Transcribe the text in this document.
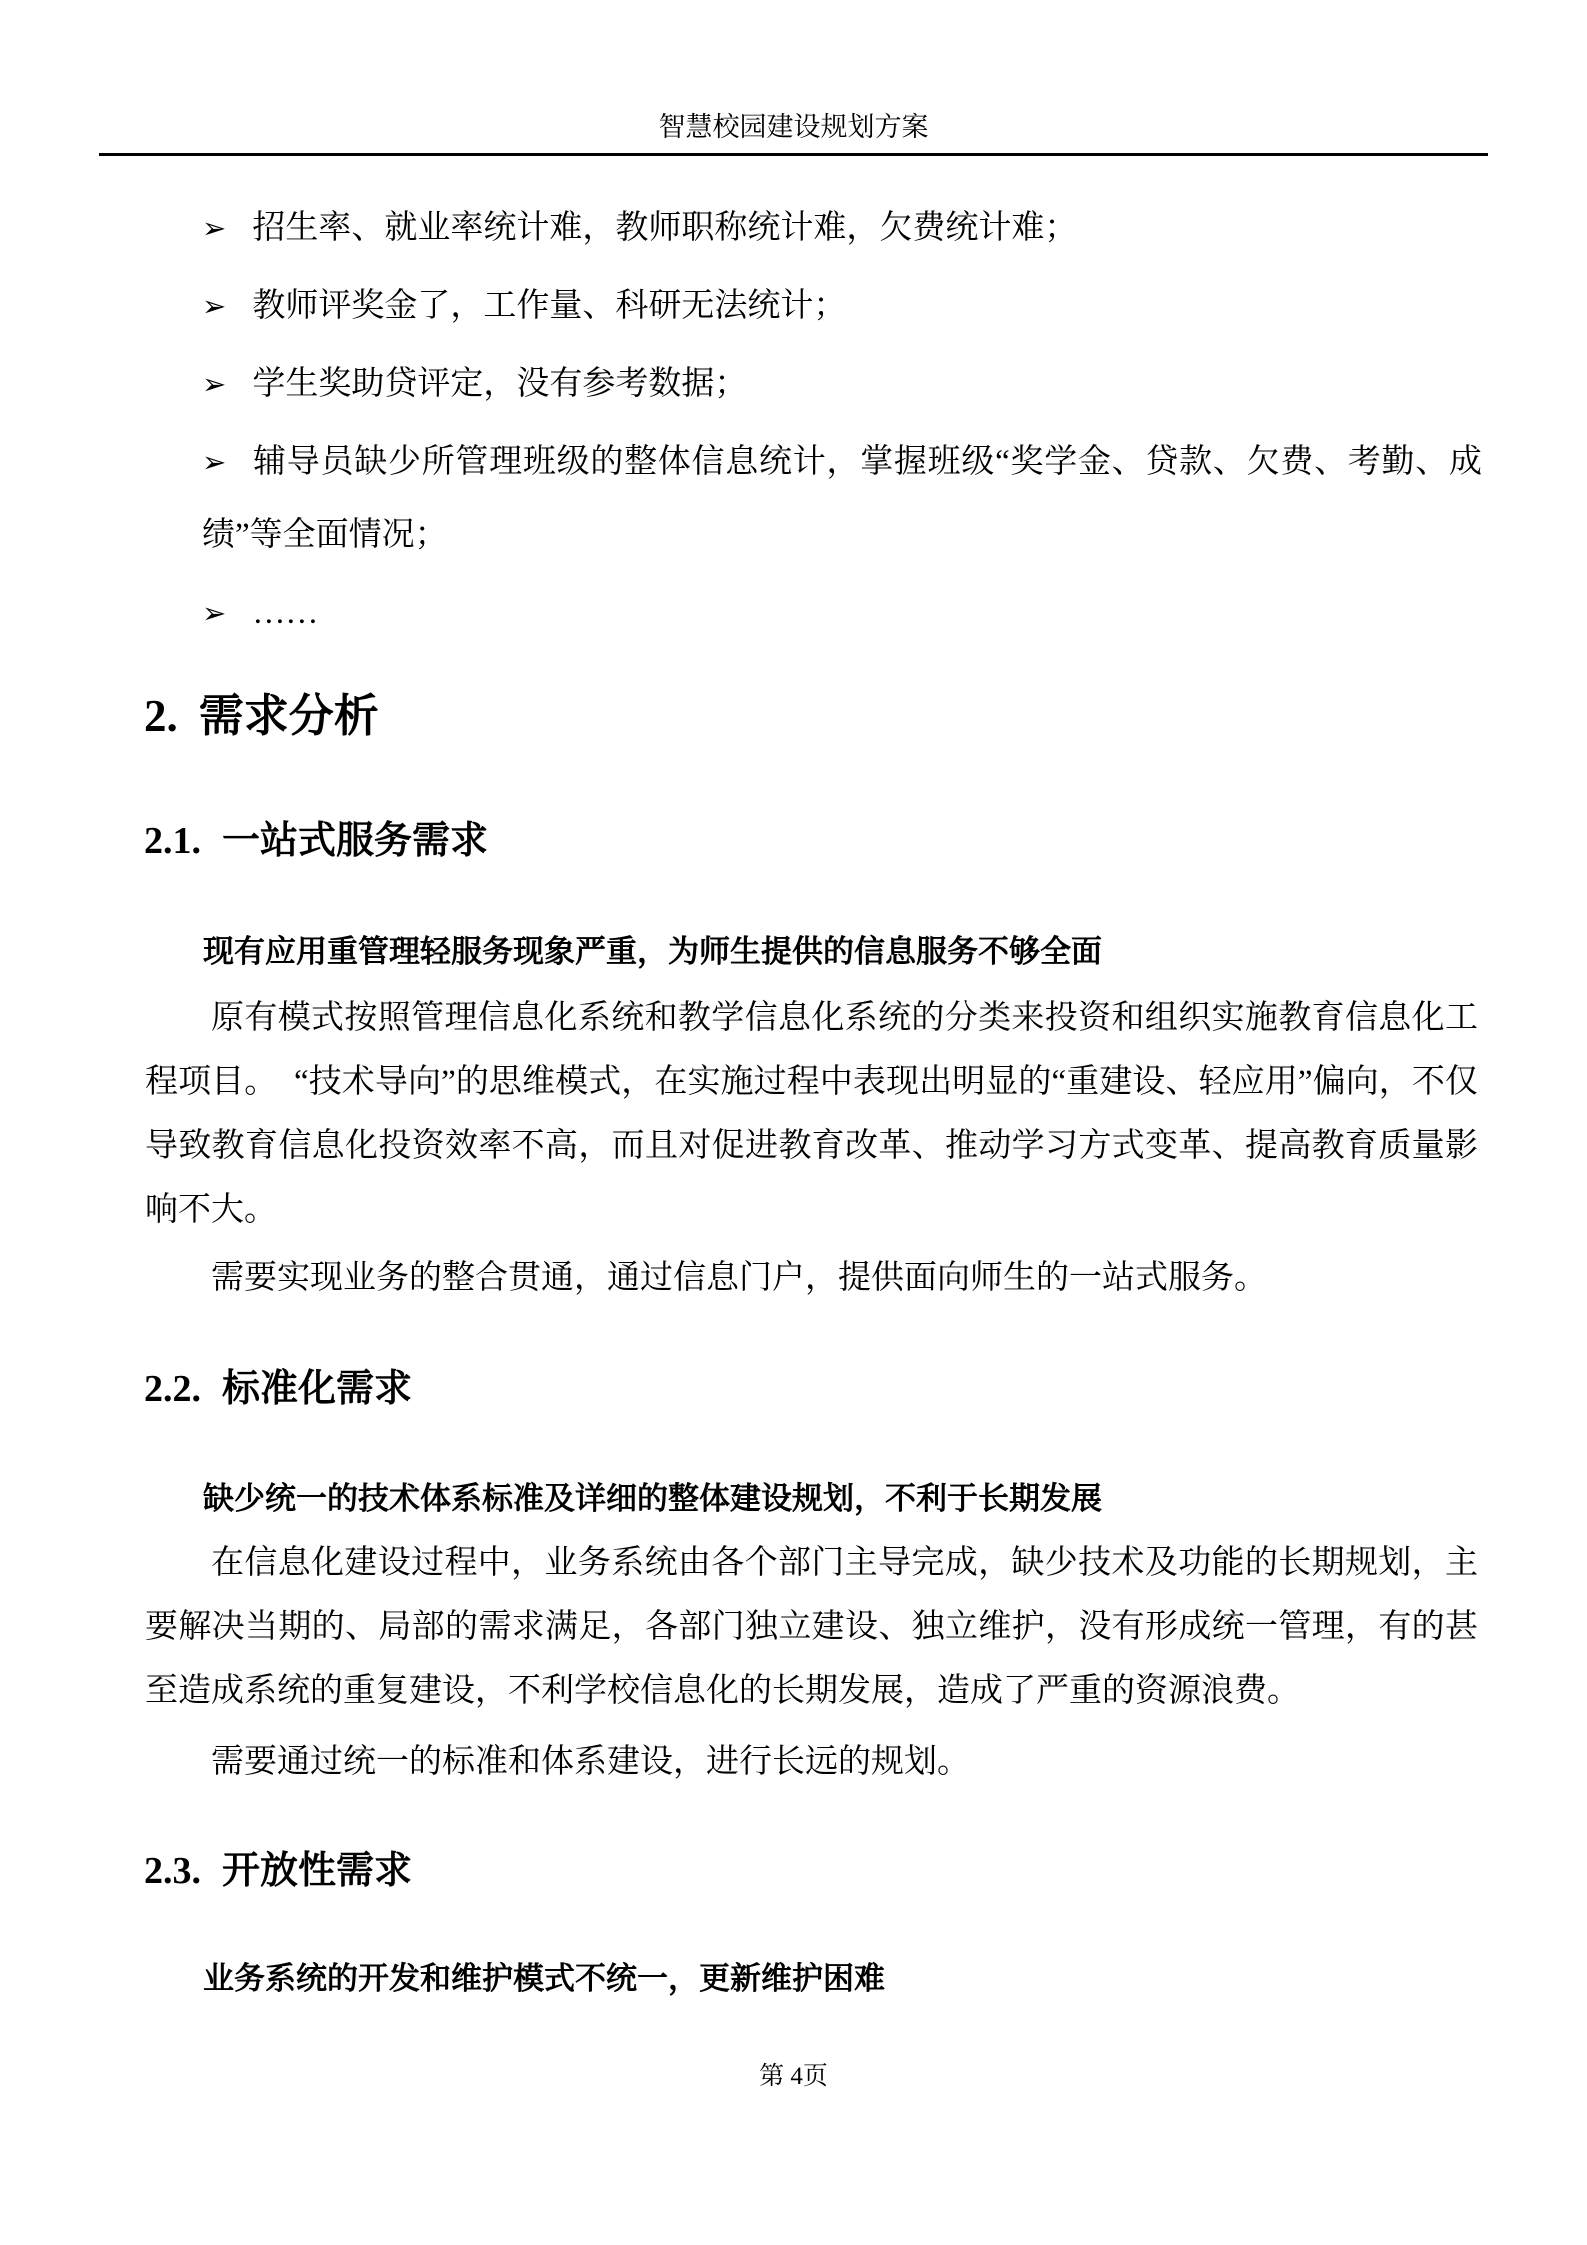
智慧校园建设规划方案
➢ 招生率、就业率统计难，教师职称统计难，欠费统计难；
➢ 教师评奖金了，工作量、科研无法统计；
➢ 学生奖助贷评定，没有参考数据；
➢ 辅导员缺少所管理班级的整体信息统计，掌握班级“奖学金、贷款、欠费、考勤、成绩”等全面情况；
➢ ……
2. 需求分析
2.1. 一站式服务需求
现有应用重管理轻服务现象严重，为师生提供的信息服务不够全面
原有模式按照管理信息化系统和教学信息化系统的分类来投资和组织实施教育信息化工程项目。　“技术导向”的思维模式，在实施过程中表现出明显的“重建设、轻应用”偏向，不仅导致教育信息化投资效率不高，而且对促进教育改革、推动学习方式变革、提高教育质量影响不大。
需要实现业务的整合贯通，通过信息门户，提供面向师生的一站式服务。
2.2. 标准化需求
缺少统一的技术体系标准及详细的整体建设规划，不利于长期发展
在信息化建设过程中，业务系统由各个部门主导完成，缺少技术及功能的长期规划，主要解决当期的、局部的需求满足，各部门独立建设、独立维护，没有形成统一管理，有的甚至造成系统的重复建设，不利学校信息化的长期发展，造成了严重的资源浪费。
需要通过统一的标准和体系建设，进行长远的规划。
2.3. 开放性需求
业务系统的开发和维护模式不统一，更新维护困难
第 4页
